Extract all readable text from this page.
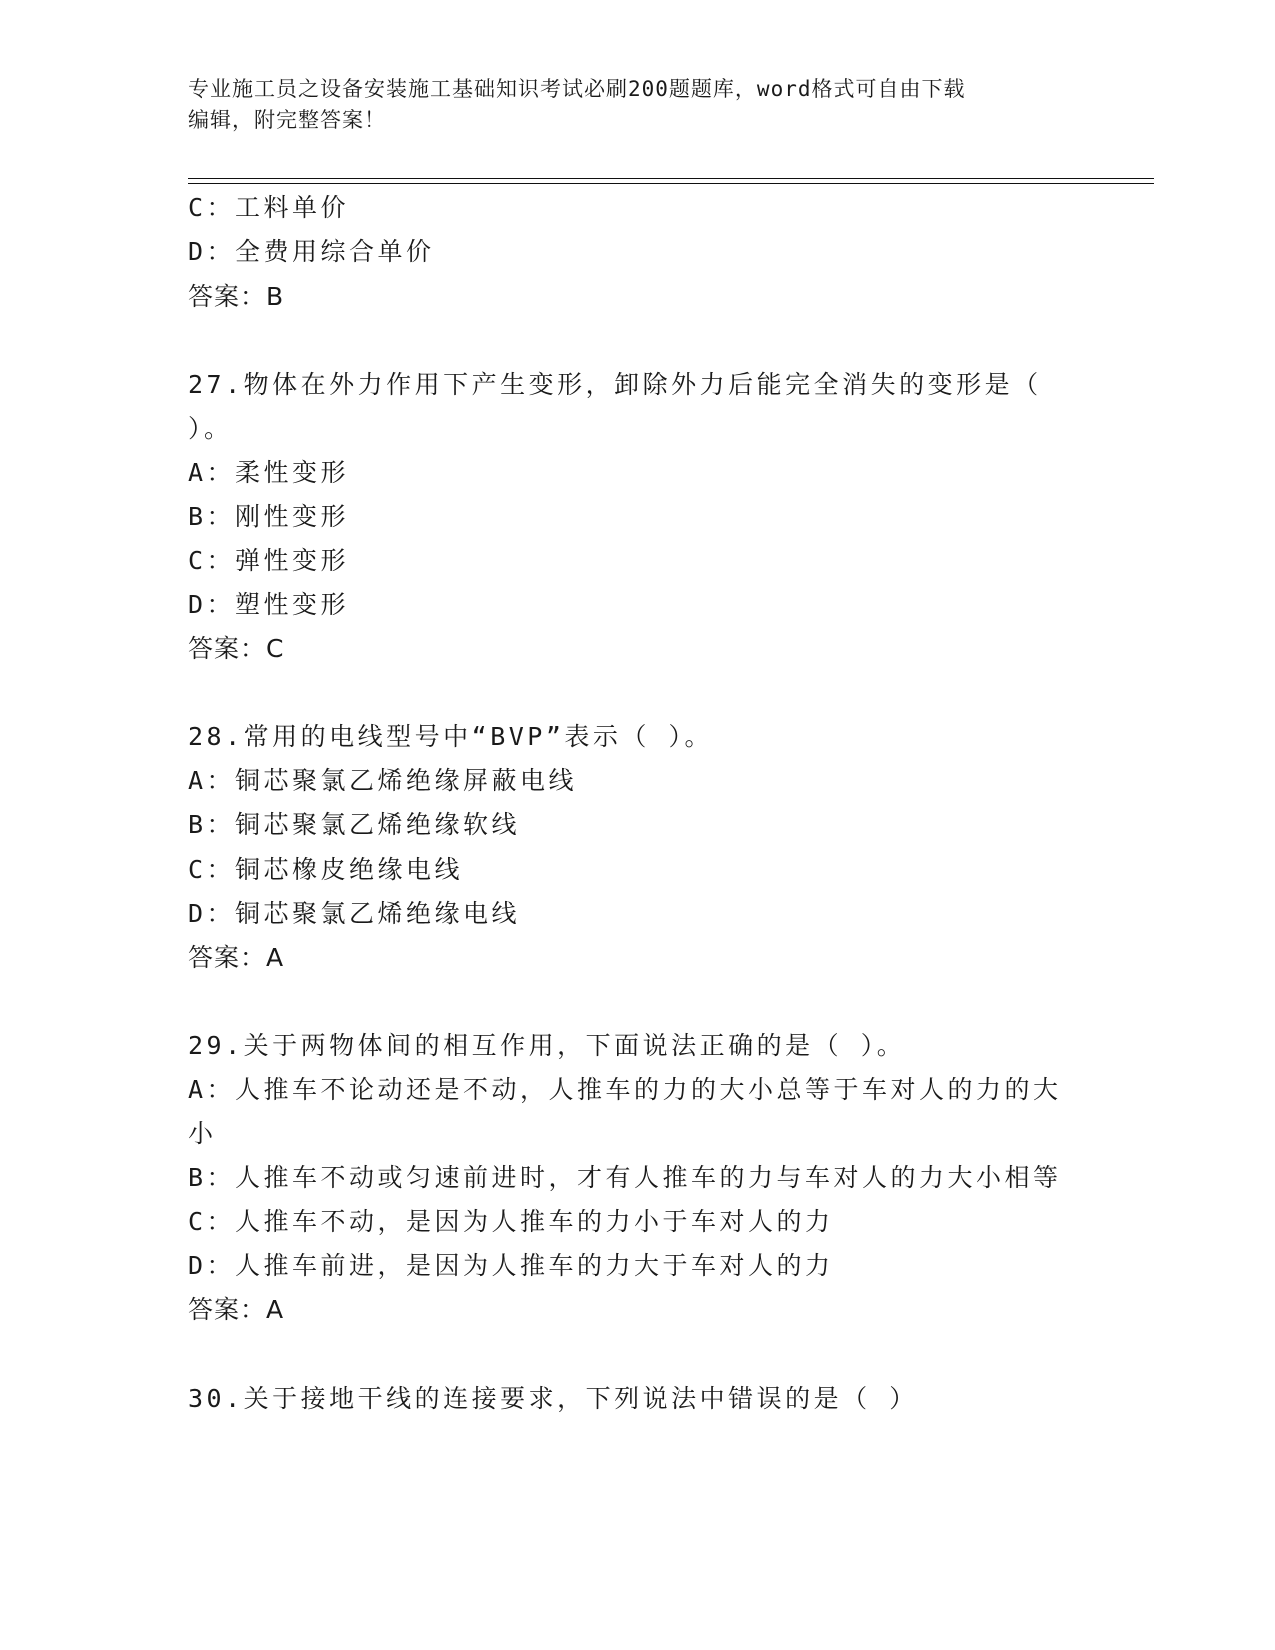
专业施工员之设备安装施工基础知识考试必刷200题题库，word格式可自由下载
编辑，附完整答案！
C：工料单价
D：全费用综合单价
答案：B
27.物体在外力作用下产生变形，卸除外力后能完全消失的变形是（
）。
A：柔性变形
B：刚性变形
C：弹性变形
D：塑性变形
答案：C
28.常用的电线型号中“BVP”表示（ ）。
A：铜芯聚氯乙烯绝缘屏蔽电线
B：铜芯聚氯乙烯绝缘软线
C：铜芯橡皮绝缘电线
D：铜芯聚氯乙烯绝缘电线
答案：A
29.关于两物体间的相互作用，下面说法正确的是（ ）。
A：人推车不论动还是不动，人推车的力的大小总等于车对人的力的大
小
B：人推车不动或匀速前进时，才有人推车的力与车对人的力大小相等
C：人推车不动，是因为人推车的力小于车对人的力
D：人推车前进，是因为人推车的力大于车对人的力
答案：A
30.关于接地干线的连接要求，下列说法中错误的是（ ）
